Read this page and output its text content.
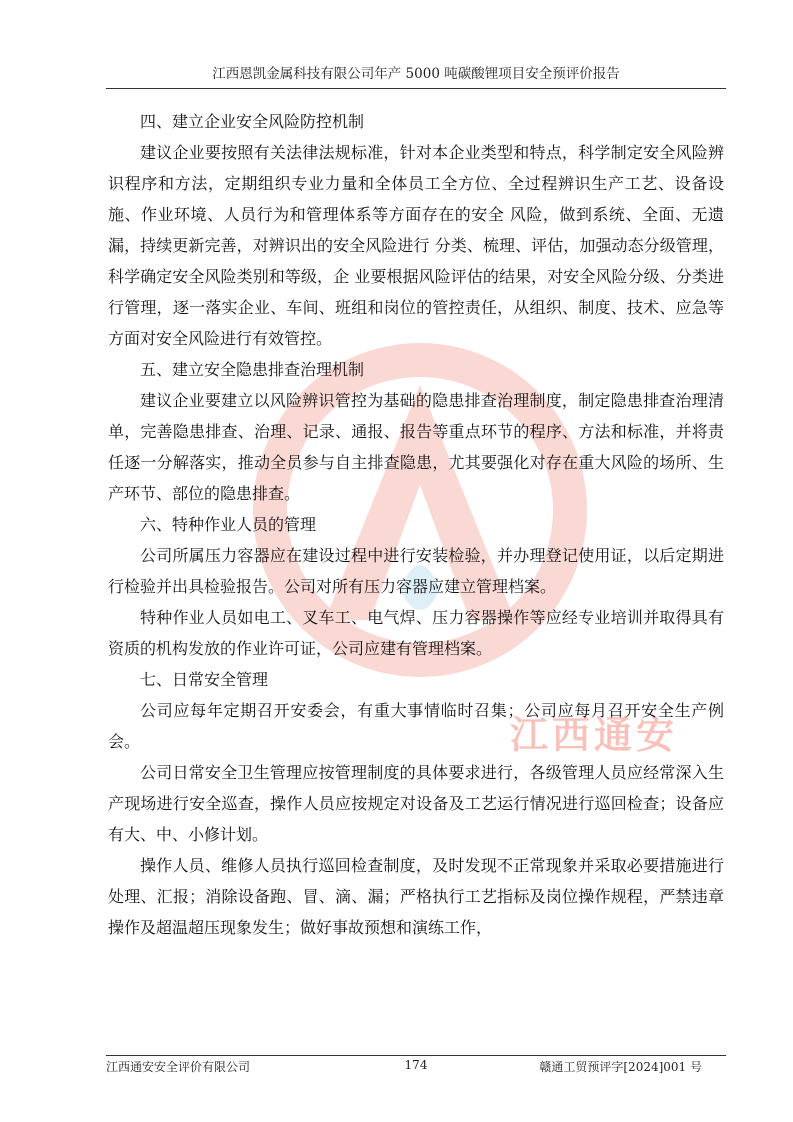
江西通安
江西恩凯金属科技有限公司年产 5000 吨碳酸锂项目安全预评价报告

四、建立企业安全风险防控机制

建议企业要按照有关法律法规标准，针对本企业类型和特点，科学制定安全风险辨识程序和方法，定期组织专业力量和全体员工全方位、全过程辨识生产工艺、设备设施、作业环境、人员行为和管理体系等方面存在的安全 风险，做到系统、全面、无遗漏，持续更新完善，对辨识出的安全风险进行 分类、梳理、评估，加强动态分级管理，科学确定安全风险类别和等级，企 业要根据风险评估的结果，对安全风险分级、分类进行管理，逐一落实企业、车间、班组和岗位的管控责任，从组织、制度、技术、应急等方面对安全风险进行有效管控。

五、建立安全隐患排查治理机制

建议企业要建立以风险辨识管控为基础的隐患排查治理制度，制定隐患排查治理清单，完善隐患排查、治理、记录、通报、报告等重点环节的程序、方法和标准，并将责任逐一分解落实，推动全员参与自主排查隐患，尤其要强化对存在重大风险的场所、生产环节、部位的隐患排查。

六、特种作业人员的管理

公司所属压力容器应在建设过程中进行安装检验，并办理登记使用证，以后定期进行检验并出具检验报告。公司对所有压力容器应建立管理档案。

特种作业人员如电工、叉车工、电气焊、压力容器操作等应经专业培训并取得具有资质的机构发放的作业许可证，公司应建有管理档案。

七、日常安全管理

公司应每年定期召开安委会，有重大事情临时召集；公司应每月召开安全生产例会。

公司日常安全卫生管理应按管理制度的具体要求进行，各级管理人员应经常深入生产现场进行安全巡查，操作人员应按规定对设备及工艺运行情况进行巡回检查；设备应有大、中、小修计划。

操作人员、维修人员执行巡回检查制度，及时发现不正常现象并采取必要措施进行处理、汇报；消除设备跑、冒、滴、漏；严格执行工艺指标及岗位操作规程，严禁违章操作及超温超压现象发生；做好事故预想和演练工作，

江西通安安全评价有限公司	174	赣通工贸预评字[2024]001 号
